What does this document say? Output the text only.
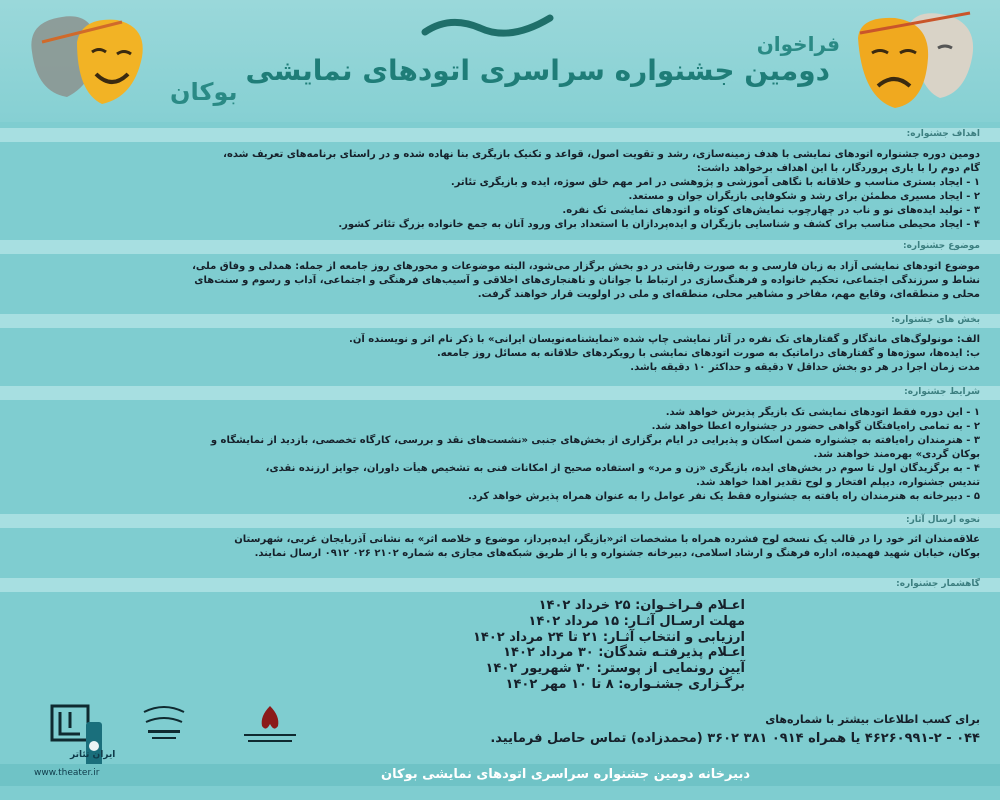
فراخوان
دومین جشنواره سراسری اتودهای نمایشی
بوکان
اهداف جشنواره:
دومین دوره جشنواره اتودهای نمایشی با هدف زمینه‌سازی، رشد و تقویت اصول، قواعد و تکنیک بازیگری بنا نهاده شده و در راستای برنامه‌های تعریف شده،
گام دوم را با یاری پروردگار، با این اهداف برخواهد داشت:
۱ - ایجاد بستری مناسب و خلاقانه با نگاهی آموزشی و پژوهشی در امر مهم خلق سوژه، ایده و بازیگری تئاتر.
۲ - ایجاد مسیری مطمئن برای رشد و شکوفایی بازیگران جوان و مستعد.
۳ - تولید ایده‌های نو و ناب در چهارچوب نمایش‌های کوتاه و اتودهای نمایشی تک نفره.
۴ - ایجاد محیطی مناسب برای کشف و شناسایی بازیگران و ایده‌پردازان با استعداد برای ورود آنان به جمع خانواده بزرگ تئاتر کشور.
موضوع جشنواره:
موضوع اتودهای نمایشی آزاد به زبان فارسی و به صورت رقابتی در دو بخش برگزار می‌شود، البته موضوعات و محورهای روز جامعه از جمله: همدلی و وفاق ملی،
نشاط و سرزندگی اجتماعی، تحکیم خانواده و فرهنگ‌سازی در ارتباط با جوانان و ناهنجاری‌های اخلاقی و آسیب‌های فرهنگی و اجتماعی، آداب و رسوم و سنت‌های
محلی و منطقه‌ای، وقایع مهم، مفاخر و مشاهیر محلی، منطقه‌ای و ملی در اولویت قرار خواهند گرفت.
بخش های جشنواره:
الف: مونولوگ‌های ماندگار و گفتارهای تک نفره در آثار نمایشی چاپ شده «نمایشنامه‌نویسان ایرانی» با ذکر نام اثر و نویسنده آن.
ب: ایده‌ها، سوژه‌ها و گفتارهای دراماتیک به صورت اتودهای نمایشی با رویکردهای خلاقانه به مسائل روز جامعه.
مدت زمان اجرا در هر دو بخش حداقل ۷ دقیقه و حداکثر ۱۰ دقیقه باشد.
شرایط جشنواره:
۱ - این دوره فقط اتودهای نمایشی تک بازیگر پذیرش خواهد شد.
۲ - به تمامی راه‌یافتگان گواهی حضور در جشنواره اعطا خواهد شد.
۳ - هنرمندان راه‌یافته به جشنواره ضمن اسکان و پذیرایی در ایام برگزاری از بخش‌های جنبی «نشست‌های نقد و بررسی، کارگاه تخصصی، بازدید از نمایشگاه و
بوکان گردی» بهره‌مند خواهند شد.
۴ - به برگزیدگان اول تا سوم در بخش‌های ایده، بازیگری «زن و مرد» و استفاده صحیح از امکانات فنی به تشخیص هیأت داوران، جوایز ارزنده نقدی،
تندیس جشنواره، دیپلم افتخار و لوح تقدیر اهدا خواهد شد.
۵ - دبیرخانه به هنرمندان راه یافته به جشنواره فقط یک نفر عوامل را به عنوان همراه پذیرش خواهد کرد.
نحوه ارسال آثار:
علاقه‌مندان اثر خود را در قالب یک نسخه لوح فشرده همراه با مشخصات اثر«بازیگر، ایده‌پرداز، موضوع و خلاصه اثر» به نشانی آذربایجان غربی، شهرستان
بوکان، خیابان شهید فهمیده، اداره فرهنگ و ارشاد اسلامی، دبیرخانه جشنواره و یا از طریق شبکه‌های مجازی به شماره ۲۱۰۲ ۰۲۶ ۰۹۱۲ ارسال نمایند.
گاهشمار جشنواره:
اعـلام فـراخـوان: ۲۵ خرداد ۱۴۰۲
مهلت ارسـال آثـار: ۱۵ مرداد ۱۴۰۲
ارزیابی و انتخاب آثـار: ۲۱ تا ۲۴ مرداد ۱۴۰۲
اعـلام پذیرفتـه شدگان: ۳۰ مرداد ۱۴۰۲
آیین رونمایی از پوستر: ۳۰ شهریور ۱۴۰۲
برگـزاری جشنـواره: ۸ تا ۱۰ مهر ۱۴۰۲
برای کسب اطلاعات بیشتر با شماره‌های
۰۴۴ - ۴۶۲۶۰۹۹۱-۲ یا همراه ۰۹۱۴ ۳۸۱ ۳۶۰۲ (محمدزاده) تماس حاصل فرمایید.
دبیرخانه دومین جشنواره سراسری اتودهای نمایشی بوکان
www.theater.ir
ایران تئاتر
